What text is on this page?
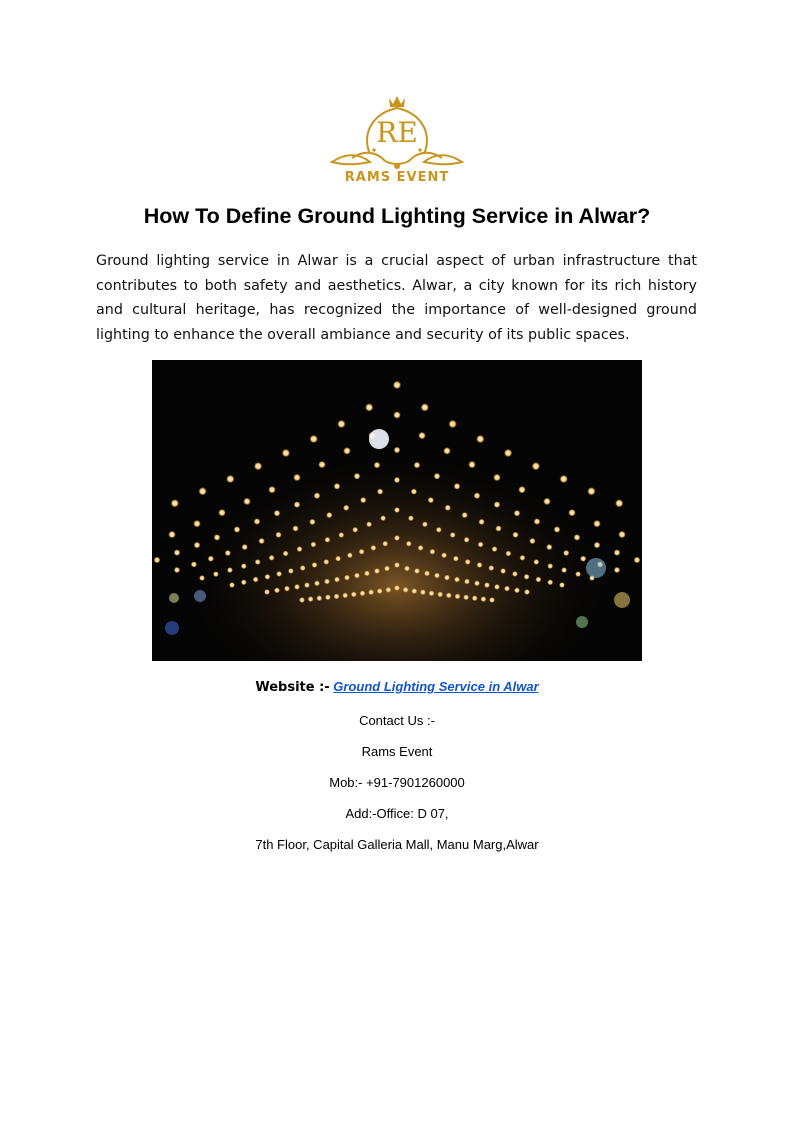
RE
RAMS EVENT
How To Define Ground Lighting Service in Alwar?

Ground lighting service in Alwar is a crucial aspect of urban infrastructure that contributes to both safety and aesthetics. Alwar, a city known for its rich history and cultural heritage, has recognized the importance of well-designed ground lighting to enhance the overall ambiance and security of its public spaces.

Website :- Ground Lighting Service in Alwar

Contact Us :-

Rams Event

Mob:- +91-7901260000

Add:-Office: D 07,

7th Floor, Capital Galleria Mall, Manu Marg,Alwar
